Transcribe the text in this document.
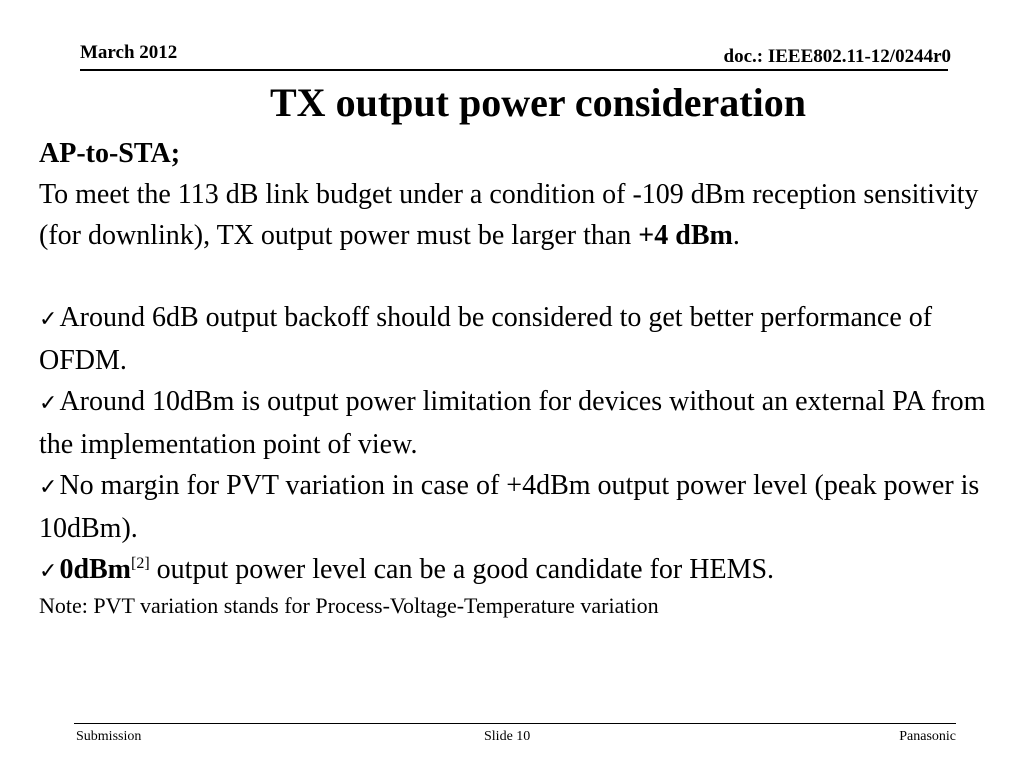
March 2012	doc.: IEEE802.11-12/0244r0
TX output power consideration

AP-to-STA;

To meet the 113 dB link budget under a condition of -109 dBm reception sensitivity (for downlink), TX output power must be larger than +4 dBm.

✓Around 6dB output backoff should be considered to get better performance of OFDM.

✓Around 10dBm is output power limitation for devices without an external PA from the implementation point of view.

✓No margin for PVT variation in case of +4dBm output power level (peak power is 10dBm).

✓0dBm[2] output power level can be a good candidate for HEMS.

Note: PVT variation stands for Process-Voltage-Temperature variation

Submission	Slide 10	Panasonic
